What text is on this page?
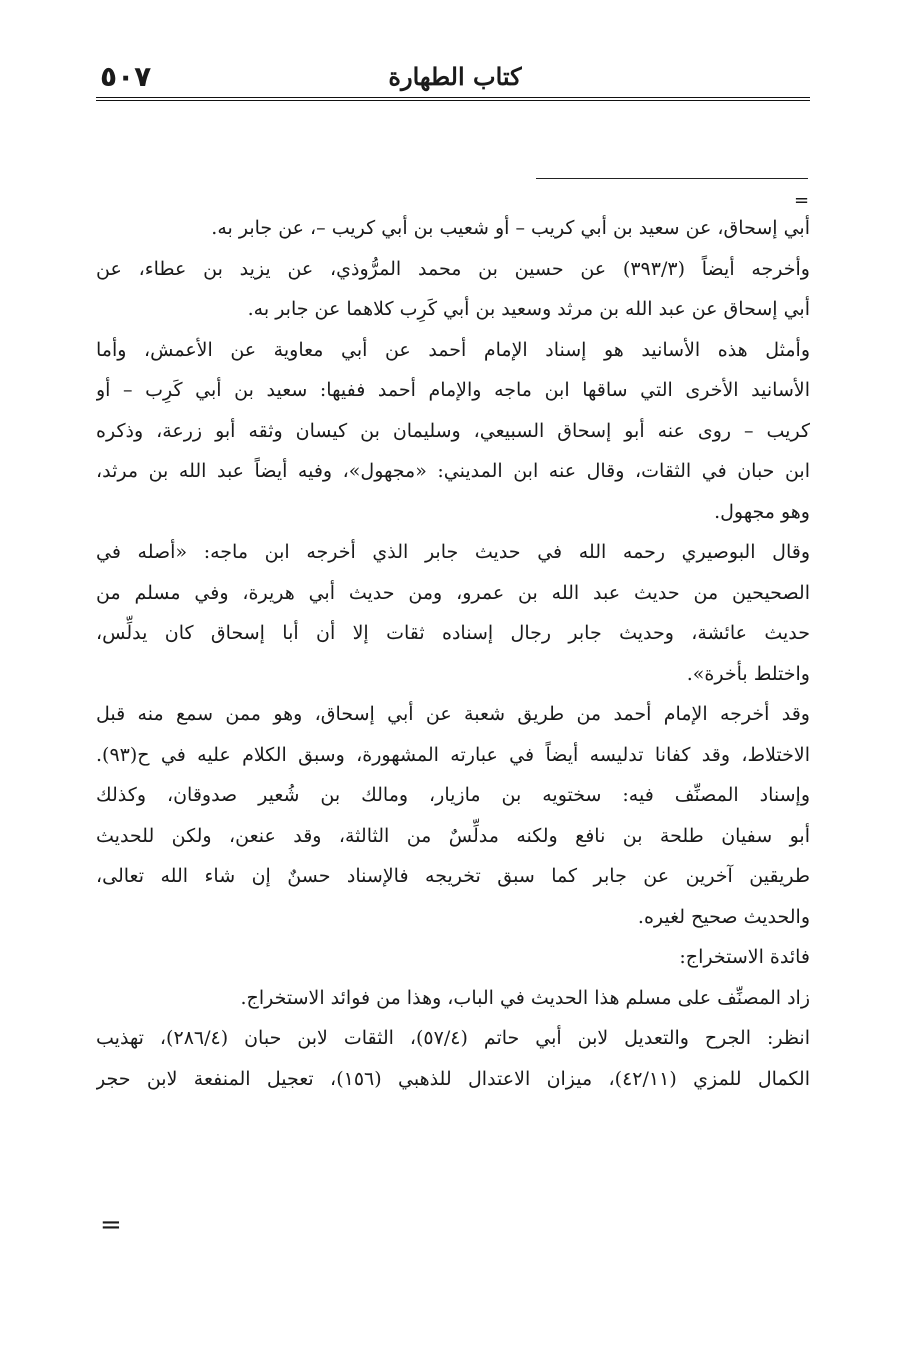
٥٠٧	كتاب الطهارة
=
أبي إسحاق، عن سعيد بن أبي كريب – أو شعيب بن أبي كريب –، عن جابر به.
وأخرجه أيضاً (٣٩٣/٣) عن حسين بن محمد المرُّوذي، عن يزيد بن عطاء، عن
أبي إسحاق عن عبد الله بن مرثد وسعيد بن أبي كَرِب كلاهما عن جابر به.
وأمثل هذه الأسانيد هو إسناد الإمام أحمد عن أبي معاوية عن الأعمش، وأما
الأسانيد الأخرى التي ساقها ابن ماجه والإمام أحمد ففيها: سعيد بن أبي كَرِب – أو
كريب – روى عنه أبو إسحاق السبيعي، وسليمان بن كيسان وثقه أبو زرعة، وذكره
ابن حبان في الثقات، وقال عنه ابن المديني: «مجهول»، وفيه أيضاً عبد الله بن مرثد،
وهو مجهول.
وقال البوصيري رحمه الله في حديث جابر الذي أخرجه ابن ماجه: «أصله في
الصحيحين من حديث عبد الله بن عمرو، ومن حديث أبي هريرة، وفي مسلم من
حديث عائشة، وحديث جابر رجال إسناده ثقات إلا أن أبا إسحاق كان يدلِّس،
واختلط بأخرة».
وقد أخرجه الإمام أحمد من طريق شعبة عن أبي إسحاق، وهو ممن سمع منه قبل
الاختلاط، وقد كفانا تدليسه أيضاً في عبارته المشهورة، وسبق الكلام عليه في ح(٩٣).
وإسناد المصنِّف فيه: سختويه بن مازيار، ومالك بن شُعير صدوقان، وكذلك
أبو سفيان طلحة بن نافع ولكنه مدلِّسٌ من الثالثة، وقد عنعن، ولكن للحديث
طريقين آخرين عن جابر كما سبق تخريجه فالإسناد حسنٌ إن شاء الله تعالى،
والحديث صحيح لغيره.
فائدة الاستخراج:
زاد المصنِّف على مسلم هذا الحديث في الباب، وهذا من فوائد الاستخراج.
انظر: الجرح والتعديل لابن أبي حاتم (٥٧/٤)، الثقات لابن حبان (٢٨٦/٤)، تهذيب
الكمال للمزي (٤٢/١١)، ميزان الاعتدال للذهبي (١٥٦)، تعجيل المنفعة لابن حجر
=
